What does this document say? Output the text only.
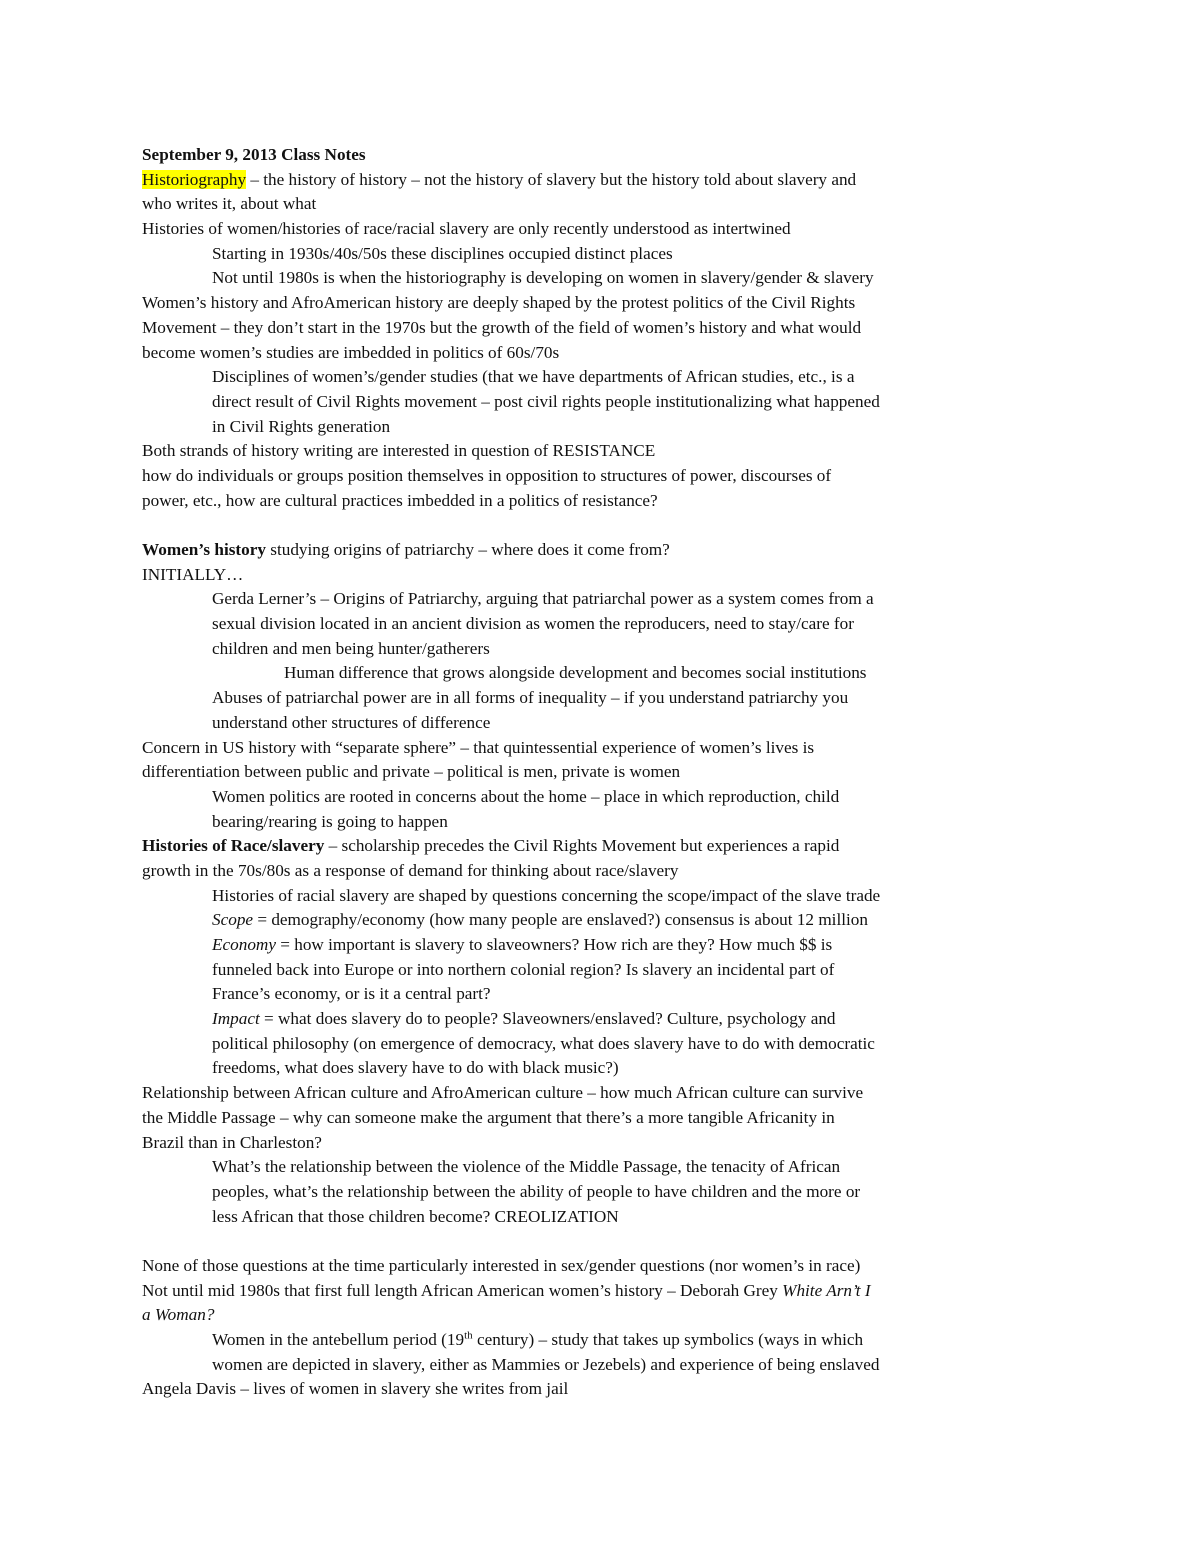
September 9, 2013 Class Notes
Historiography – the history of history – not the history of slavery but the history told about slavery and
who writes it, about what
Histories of women/histories of race/racial slavery are only recently understood as intertwined
Starting in 1930s/40s/50s these disciplines occupied distinct places
Not until 1980s is when the historiography is developing on women in slavery/gender & slavery
Women’s history and AfroAmerican history are deeply shaped by the protest politics of the Civil Rights
Movement – they don’t start in the 1970s but the growth of the field of women’s history and what would
become women’s studies are imbedded in politics of 60s/70s
Disciplines of women’s/gender studies (that we have departments of African studies, etc., is a
direct result of Civil Rights movement – post civil rights people institutionalizing what happened
in Civil Rights generation
Both strands of history writing are interested in question of RESISTANCE
how do individuals or groups position themselves in opposition to structures of power, discourses of
power, etc., how are cultural practices imbedded in a politics of resistance?
Women’s history studying origins of patriarchy – where does it come from?
INITIALLY…
Gerda Lerner’s – Origins of Patriarchy, arguing that patriarchal power as a system comes from a
sexual division located in an ancient division as women the reproducers, need to stay/care for
children and men being hunter/gatherers
Human difference that grows alongside development and becomes social institutions
Abuses of patriarchal power are in all forms of inequality – if you understand patriarchy you
understand other structures of difference
Concern in US history with “separate sphere” – that quintessential experience of women’s lives is
differentiation between public and private – political is men, private is women
Women politics are rooted in concerns about the home – place in which reproduction, child
bearing/rearing is going to happen
Histories of Race/slavery – scholarship precedes the Civil Rights Movement but experiences a rapid
growth in the 70s/80s as a response of demand for thinking about race/slavery
Histories of racial slavery are shaped by questions concerning the scope/impact of the slave trade
Scope = demography/economy (how many people are enslaved?) consensus is about 12 million
Economy = how important is slavery to slaveowners? How rich are they? How much $$ is
funneled back into Europe or into northern colonial region? Is slavery an incidental part of
France’s economy, or is it a central part?
Impact = what does slavery do to people? Slaveowners/enslaved? Culture, psychology and
political philosophy (on emergence of democracy, what does slavery have to do with democratic
freedoms, what does slavery have to do with black music?)
Relationship between African culture and AfroAmerican culture – how much African culture can survive
the Middle Passage – why can someone make the argument that there’s a more tangible Africanity in
Brazil than in Charleston?
What’s the relationship between the violence of the Middle Passage, the tenacity of African
peoples, what’s the relationship between the ability of people to have children and the more or
less African that those children become? CREOLIZATION
None of those questions at the time particularly interested in sex/gender questions (nor women’s in race)
Not until mid 1980s that first full length African American women’s history – Deborah Grey White Arn’t I
a Woman?
Women in the antebellum period (19th century) – study that takes up symbolics (ways in which
women are depicted in slavery, either as Mammies or Jezebels) and experience of being enslaved
Angela Davis – lives of women in slavery she writes from jail
